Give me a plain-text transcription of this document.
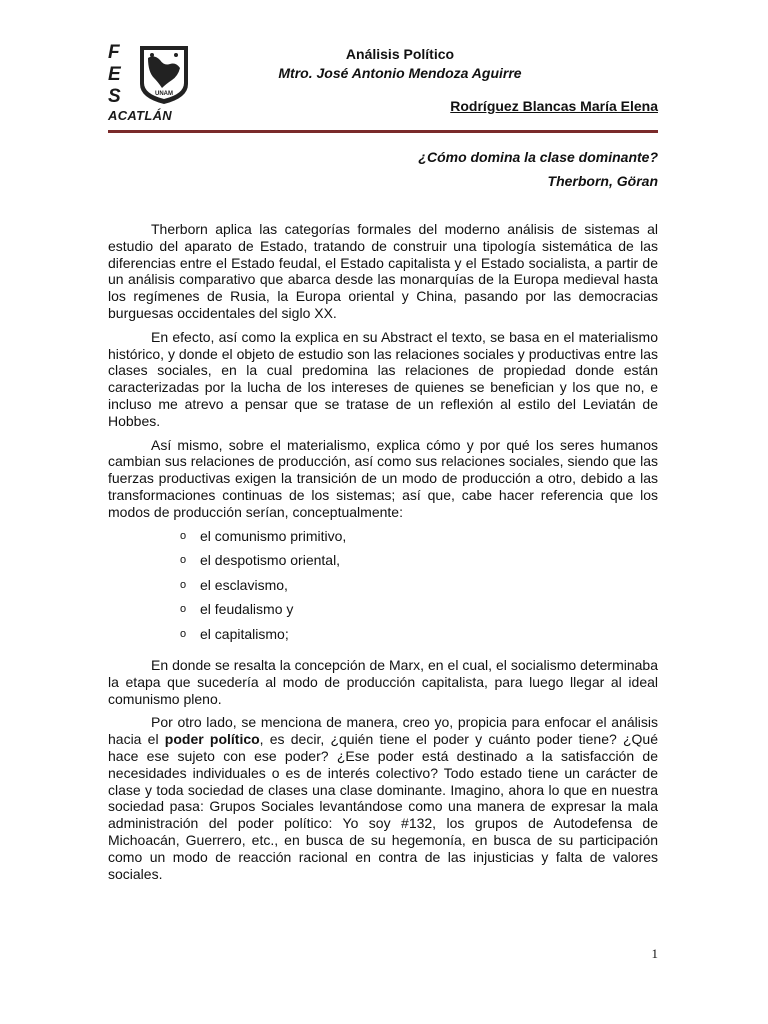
F
E
S	UNAM
ACATLÁN
Análisis Político
Mtro. José Antonio Mendoza Aguirre
Rodríguez Blancas María Elena
¿Cómo domina la clase dominante?
Therborn, Göran

Therborn aplica las categorías formales del moderno análisis de sistemas al estudio del aparato de Estado, tratando de construir una tipología sistemática de las diferencias entre el Estado feudal, el Estado capitalista y el Estado socialista, a partir de un análisis comparativo que abarca desde las monarquías de la Europa medieval hasta los regímenes de Rusia, la Europa oriental y China, pasando por las democracias burguesas occidentales del siglo XX.

En efecto, así como la explica en su Abstract el texto, se basa en el materialismo histórico, y donde el objeto de estudio son las relaciones sociales y productivas entre las clases sociales, en la cual predomina las relaciones de propiedad donde están caracterizadas por la lucha de los intereses de quienes se benefician y los que no, e incluso me atrevo a pensar que se tratase de un reflexión al estilo del Leviatán de Hobbes.

Así mismo, sobre el materialismo, explica cómo y por qué los seres humanos cambian sus relaciones de producción, así como sus relaciones sociales, siendo que las fuerzas productivas exigen la transición de un modo de producción a otro, debido a las transformaciones continuas de los sistemas; así que, cabe hacer referencia que los modos de producción serían, conceptualmente:

o el comunismo primitivo,
o el despotismo oriental,
o el esclavismo,
o el feudalismo y
o el capitalismo;

En donde se resalta la concepción de Marx, en el cual, el socialismo determinaba la etapa que sucedería al modo de producción capitalista, para luego llegar al ideal comunismo pleno.

Por otro lado, se menciona de manera, creo yo, propicia para enfocar el análisis hacia el poder político, es decir, ¿quién tiene el poder y cuánto poder tiene? ¿Qué hace ese sujeto con ese poder? ¿Ese poder está destinado a la satisfacción de necesidades individuales o es de interés colectivo? Todo estado tiene un carácter de clase y toda sociedad de clases una clase dominante. Imagino, ahora lo que en nuestra sociedad pasa: Grupos Sociales levantándose como una manera de expresar la mala administración del poder político: Yo soy #132, los grupos de Autodefensa de Michoacán, Guerrero, etc., en busca de su hegemonía, en busca de su participación como un modo de reacción racional en contra de las injusticias y falta de valores sociales.

1
